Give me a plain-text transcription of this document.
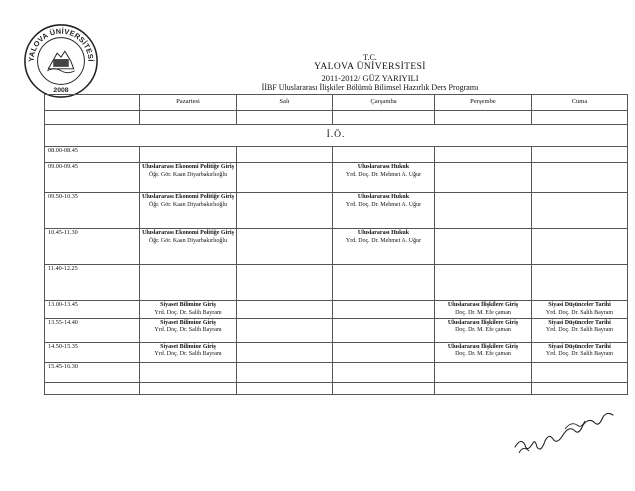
YALOVA ÜNİVERSİTESİ
2008
T.C.
YALOVA ÜNİVERSİTESİ
2011-2012/ GÜZ YARIYILI
İİBF Uluslararası İlişkiler Bölümü Bilimsel Hazırlık Ders Programı
	Pazartesi	Salı	Çarşamba	Perşembe	Cuma

İ.Ö.					
08.00-08.45					
09.00-09.45	Uluslararası Ekonomi Politiğe Giriş
Öğr. Gör. Kaan Diyarbakırlıoğlu		Uluslararası Hukuk
Yrd. Doç. Dr. Mehmet A. Uğur		

09.50-10.35	Uluslararası Ekonomi Politiğe Giriş
Öğr. Gör. Kaan Diyarbakırlıoğlu		Uluslararası Hukuk
Yrd. Doç. Dr. Mehmet A. Uğur		

10.45-11.30	Uluslararası Ekonomi Politiğe Giriş
Öğr. Gör. Kaan Diyarbakırlıoğlu		Uluslararası Hukuk
Yrd. Doç. Dr. Mehmet A. Uğur		

11.40-12.25					
13.00-13.45	Siyaset Bilimine Giriş
Yrd. Doç. Dr. Salih Bayram			Uluslararası İlişkilere Giriş
Doç. Dr. M. Efe çaman	Siyasi Düşünceler Tarihi
Yrd. Doç. Dr. Salih Bayram

13.55-14.40	Siyaset Bilimine Giriş
Yrd. Doç. Dr. Salih Bayram			Uluslararası İlişkilere Giriş
Doç. Dr. M. Efe çaman	Siyasi Düşünceler Tarihi
Yrd. Doç. Dr. Salih Bayram

14.50-15.35	Siyaset Bilimine Giriş
Yrd. Doç. Dr. Salih Bayram			Uluslararası İlişkilere Giriş
Doç. Dr. M. Efe çaman	Siyasi Düşünceler Tarihi
Yrd. Doç. Dr. Salih Bayram

15.45-16.30					
